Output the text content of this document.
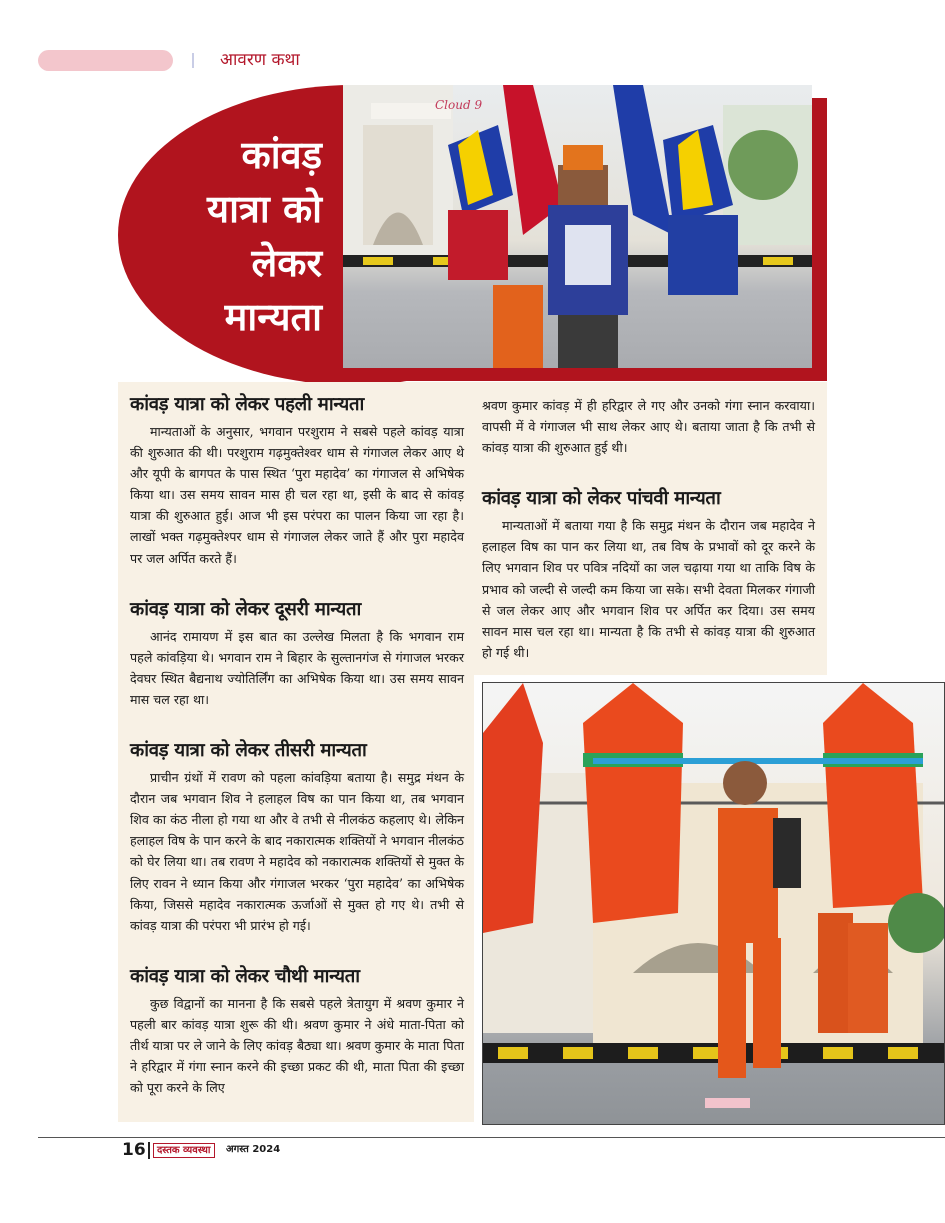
आवरण कथा
Cloud 9
कांवड़
यात्रा को
लेकर
मान्यता
कांवड़ यात्रा को लेकर पहली मान्यता

मान्यताओं के अनुसार, भगवान परशुराम ने सबसे पहले कांवड़ यात्रा की शुरुआत की थी। परशुराम गढ़मुक्तेश्वर धाम से गंगाजल लेकर आए थे और यूपी के बागपत के पास स्थित ‘पुरा महादेव’ का गंगाजल से अभिषेक किया था। उस समय सावन मास ही चल रहा था, इसी के बाद से कांवड़ यात्रा की शुरुआत हुई। आज भी इस परंपरा का पालन किया जा रहा है। लाखों भक्त गढ़मुक्तेश्पर धाम से गंगाजल लेकर जाते हैं और पुरा महादेव पर जल अर्पित करते हैं।

कांवड़ यात्रा को लेकर दूसरी मान्यता

आनंद रामायण में इस बात का उल्लेख मिलता है कि भगवान राम पहले कांवड़िया थे। भगवान राम ने बिहार के सुल्तानगंज से गंगाजल भरकर देवघर स्थित बैद्यनाथ ज्योतिर्लिंग का अभिषेक किया था। उस समय सावन मास चल रहा था।

कांवड़ यात्रा को लेकर तीसरी मान्यता

प्राचीन ग्रंथों में रावण को पहला कांवड़िया बताया है। समुद्र मंथन के दौरान जब भगवान शिव ने हलाहल विष का पान किया था, तब भगवान शिव का कंठ नीला हो गया था और वे तभी से नीलकंठ कहलाए थे। लेकिन हलाहल विष के पान करने के बाद नकारात्मक शक्तियों ने भगवान नीलकंठ को घेर लिया था। तब रावण ने महादेव को नकारात्मक शक्तियों से मुक्त के लिए रावन ने ध्यान किया और गंगाजल भरकर ‘पुरा महादेव’ का अभिषेक किया, जिससे महादेव नकारात्मक ऊर्जाओं से मुक्त हो गए थे। तभी से कांवड़ यात्रा की परंपरा भी प्रारंभ हो गई।

कांवड़ यात्रा को लेकर चौथी मान्यता

कुछ विद्वानों का मानना है कि सबसे पहले त्रेतायुग में श्रवण कुमार ने पहली बार कांवड़ यात्रा शुरू की थी। श्रवण कुमार ने अंधे माता-पिता को तीर्थ यात्रा पर ले जाने के लिए कांवड़ बैठ्या था। श्रवण कुमार के माता पिता ने हरिद्वार में गंगा स्नान करने की इच्छा प्रकट की थी, माता पिता की इच्छा को पूरा करने के लिए

श्रवण कुमार कांवड़ में ही हरिद्वार ले गए और उनको गंगा स्नान करवाया। वापसी में वे गंगाजल भी साथ लेकर आए थे। बताया जाता है कि तभी से कांवड़ यात्रा की शुरुआत हुई थी।

कांवड़ यात्रा को लेकर पांचवी मान्यता

मान्यताओं में बताया गया है कि समुद्र मंथन के दौरान जब महादेव ने हलाहल विष का पान कर लिया था, तब विष के प्रभावों को दूर करने के लिए भगवान शिव पर पवित्र नदियों का जल चढ़ाया गया था ताकि विष के प्रभाव को जल्दी से जल्दी कम किया जा सके। सभी देवता मिलकर गंगाजी से जल लेकर आए और भगवान शिव पर अर्पित कर दिया। उस समय सावन मास चल रहा था। मान्यता है कि तभी से कांवड़ यात्रा की शुरुआत हो गई थी।

16	दस्तक व्यवस्था	अगस्त 2024
